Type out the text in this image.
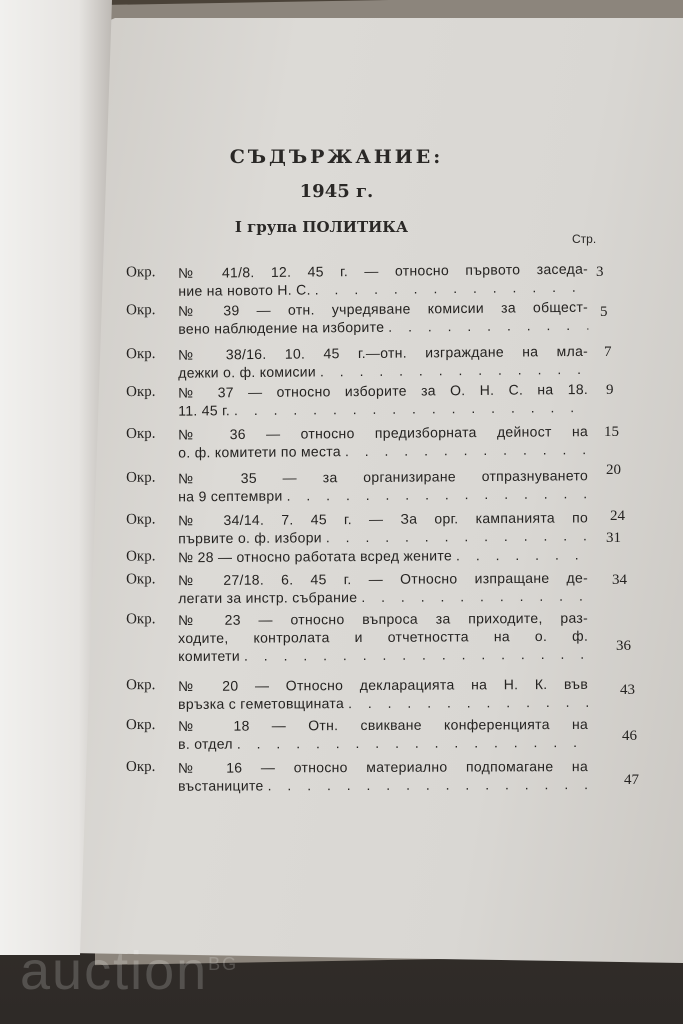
СЪДЪРЖАНИЕ:
1945 г.
I група ПОЛИТИКА
Стр.
Окр. № 41/8. 12. 45 г. — относно първото заседа-
ние на новото Н. С.
. . .
3
Окр. № 39 — отн. учредяване комисии за общест-
вено наблюдение на изборите
. . .
5
Окр. № 38/16. 10. 45 г.—отн. изграждане на мла-
дежки о. ф. комисии
. . .
7
Окр. № 37 — относно изборите за О. Н. С. на 18.
11. 45 г.
. . .
9
Окр. № 36 — относно предизборната дейност на
о. ф. комитети по места
. . .
15
Окр. № 35 — за организиране отпразнуването
на 9 септември
. . .
20
Окр. № 34/14. 7. 45 г. — За орг. кампанията по
първите о. ф. избори
. . .
24
Окр. № 28 — относно работата всред жените
. . .
31
Окр. № 27/18. 6. 45 г. — Относно изпращане де-
легати за инстр. събрание
. . .
34
Окр. № 23 — относно въпроса за приходите, раз-
ходите, контролата и отчетността на о. ф.
комитети
. . .
36
Окр. № 20 — Относно декларацията на Н. К. във
връзка с гeметовщината
. . .
43
Окр. № 18 — Отн. свикване конференцията на
в. отдел . . .	46
Окр. № 16 — относно материално подпомагане на
въстаниците . . .	47
auction$^{BG}$
